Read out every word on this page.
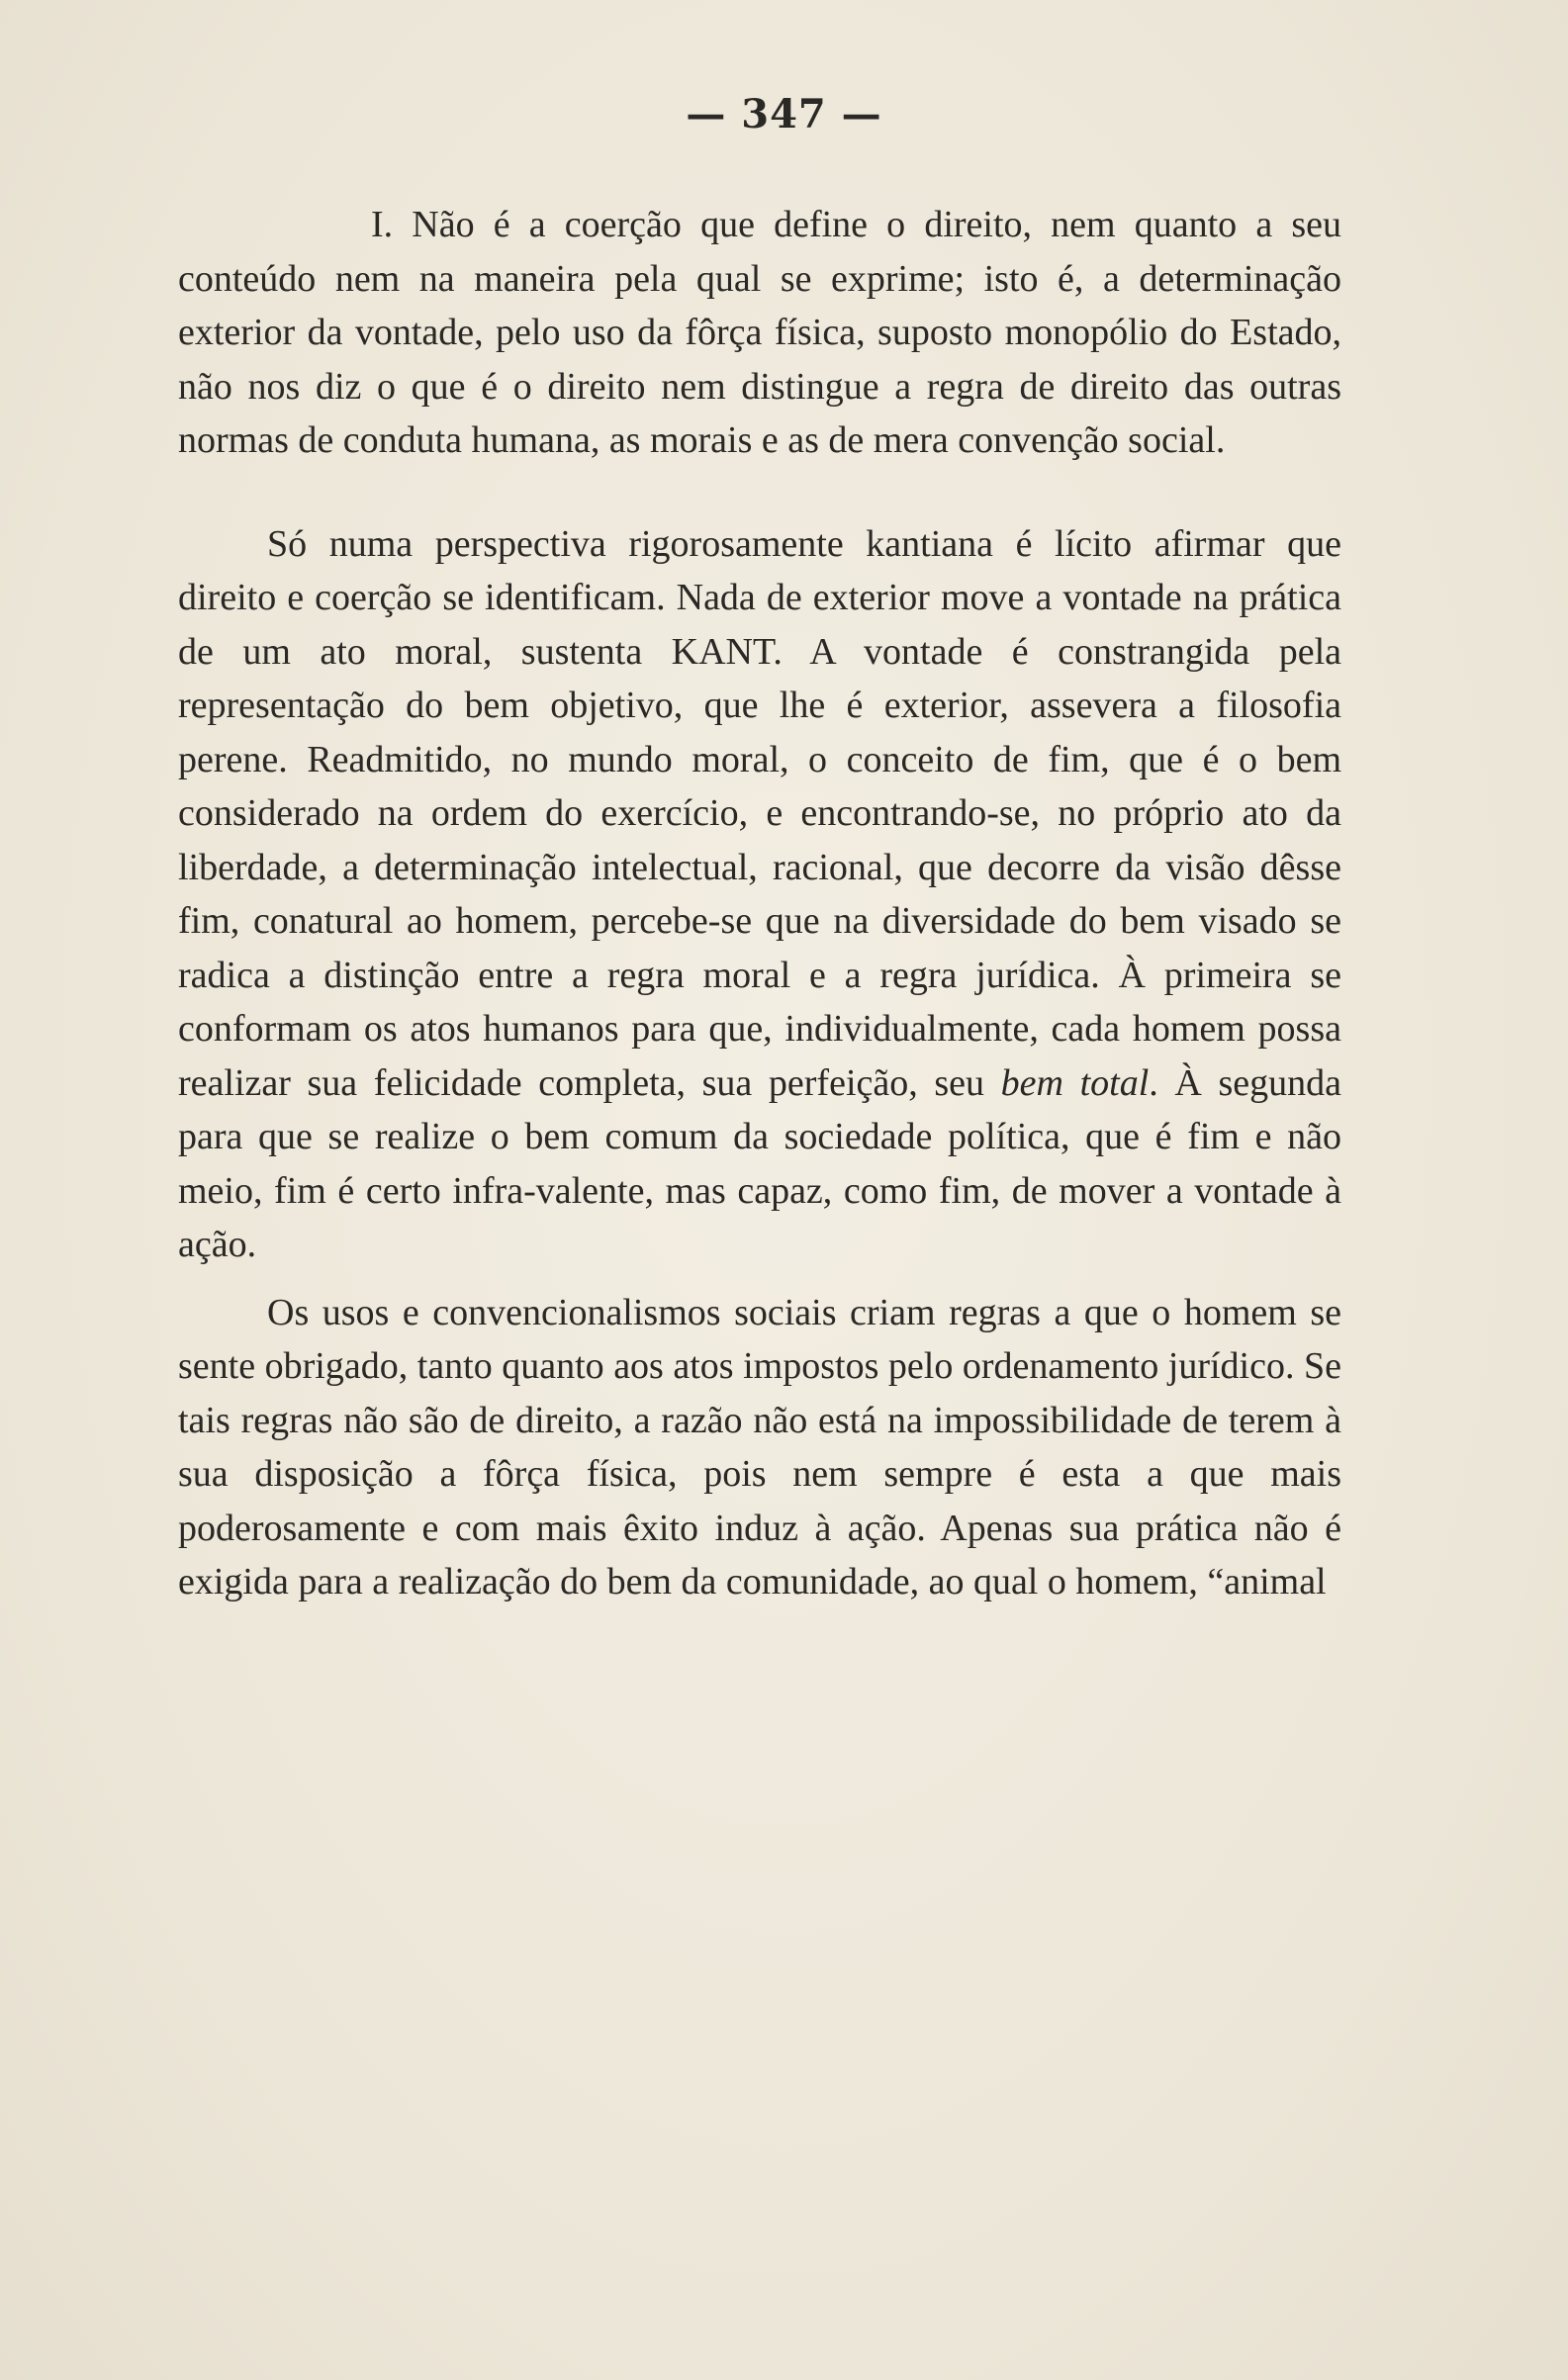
— 347 —

I. Não é a coerção que define o direito, nem quanto a seu conteúdo nem na maneira pela qual se exprime; isto é, a determinação exterior da vontade, pelo uso da fôrça física, suposto monopólio do Estado, não nos diz o que é o direito nem distingue a regra de direito das outras normas de conduta humana, as morais e as de mera convenção social.

Só numa perspectiva rigorosamente kantiana é lícito afirmar que direito e coerção se identificam. Nada de exterior move a vontade na prática de um ato moral, sustenta KANT. A vontade é constrangida pela representação do bem objetivo, que lhe é exterior, assevera a filosofia perene. Readmitido, no mundo moral, o conceito de fim, que é o bem considerado na ordem do exercício, e encontrando-se, no próprio ato da liberdade, a determinação intelectual, racional, que decorre da visão dêsse fim, conatural ao homem, percebe-se que na diversidade do bem visado se radica a distinção entre a regra moral e a regra jurídica. À primeira se conformam os atos humanos para que, individualmente, cada homem possa realizar sua felicidade completa, sua perfeição, seu bem total. À segunda para que se realize o bem comum da sociedade política, que é fim e não meio, fim é certo infra-valente, mas capaz, como fim, de mover a vontade à ação.

Os usos e convencionalismos sociais criam regras a que o homem se sente obrigado, tanto quanto aos atos impostos pelo ordenamento jurídico. Se tais regras não são de direito, a razão não está na impossibilidade de terem à sua disposição a fôrça física, pois nem sempre é esta a que mais poderosamente e com mais êxito induz à ação. Apenas sua prática não é exigida para a realização do bem da comunidade, ao qual o homem, “animal
